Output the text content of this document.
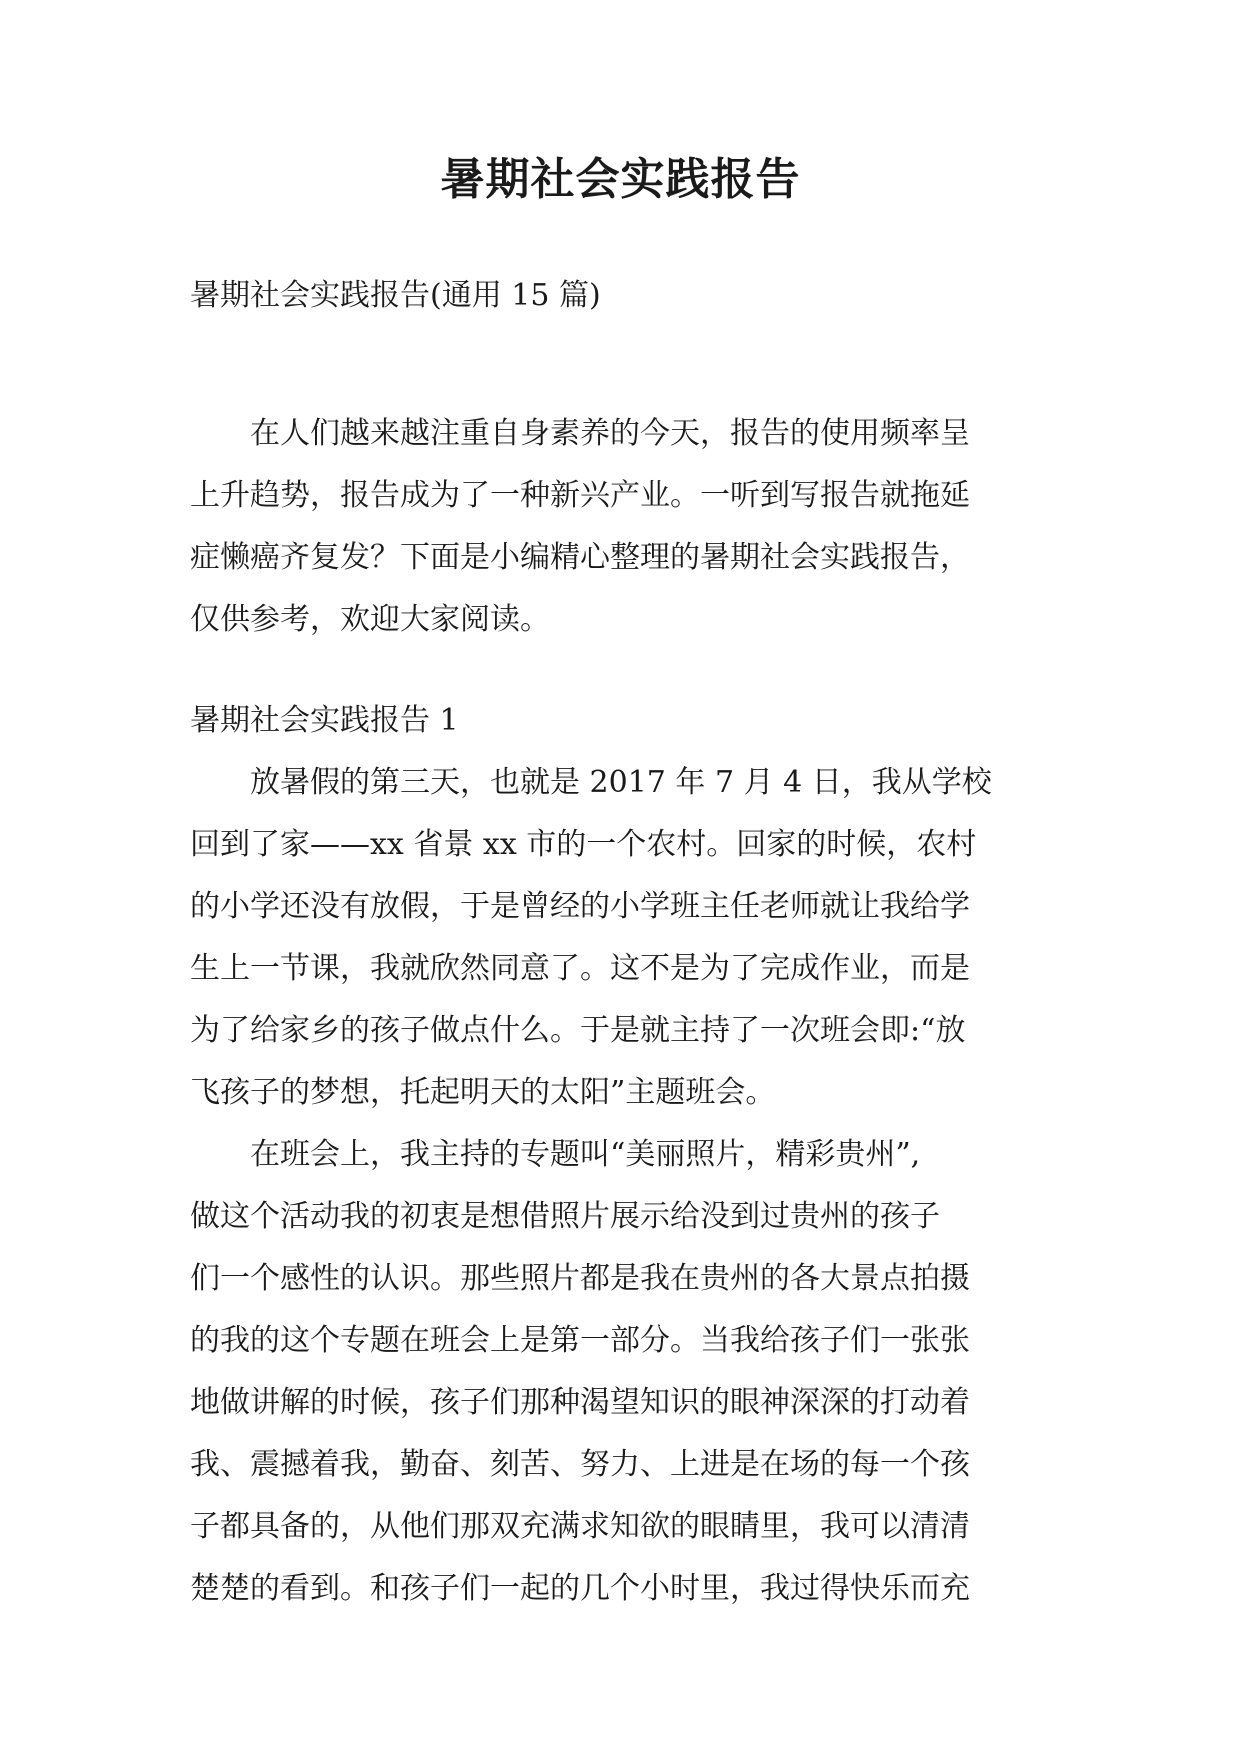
暑期社会实践报告
暑期社会实践报告(通用 15 篇)
在人们越来越注重自身素养的今天，报告的使用频率呈
上升趋势，报告成为了一种新兴产业。一听到写报告就拖延
症懒癌齐复发？下面是小编精心整理的暑期社会实践报告，
仅供参考，欢迎大家阅读。
暑期社会实践报告 1

放暑假的第三天，也就是 2017 年 7 月 4 日，我从学校
回到了家——xx 省景 xx 市的一个农村。回家的时候，农村
的小学还没有放假，于是曾经的小学班主任老师就让我给学
生上一节课，我就欣然同意了。这不是为了完成作业，而是
为了给家乡的孩子做点什么。于是就主持了一次班会即:“放
飞孩子的梦想，托起明天的太阳”主题班会。

在班会上，我主持的专题叫“美丽照片，精彩贵州”,
做这个活动我的初衷是想借照片展示给没到过贵州的孩子
们一个感性的认识。那些照片都是我在贵州的各大景点拍摄
的我的这个专题在班会上是第一部分。当我给孩子们一张张
地做讲解的时候，孩子们那种渴望知识的眼神深深的打动着
我、震撼着我，勤奋、刻苦、努力、上进是在场的每一个孩
子都具备的，从他们那双充满求知欲的眼睛里，我可以清清
楚楚的看到。和孩子们一起的几个小时里，我过得快乐而充
